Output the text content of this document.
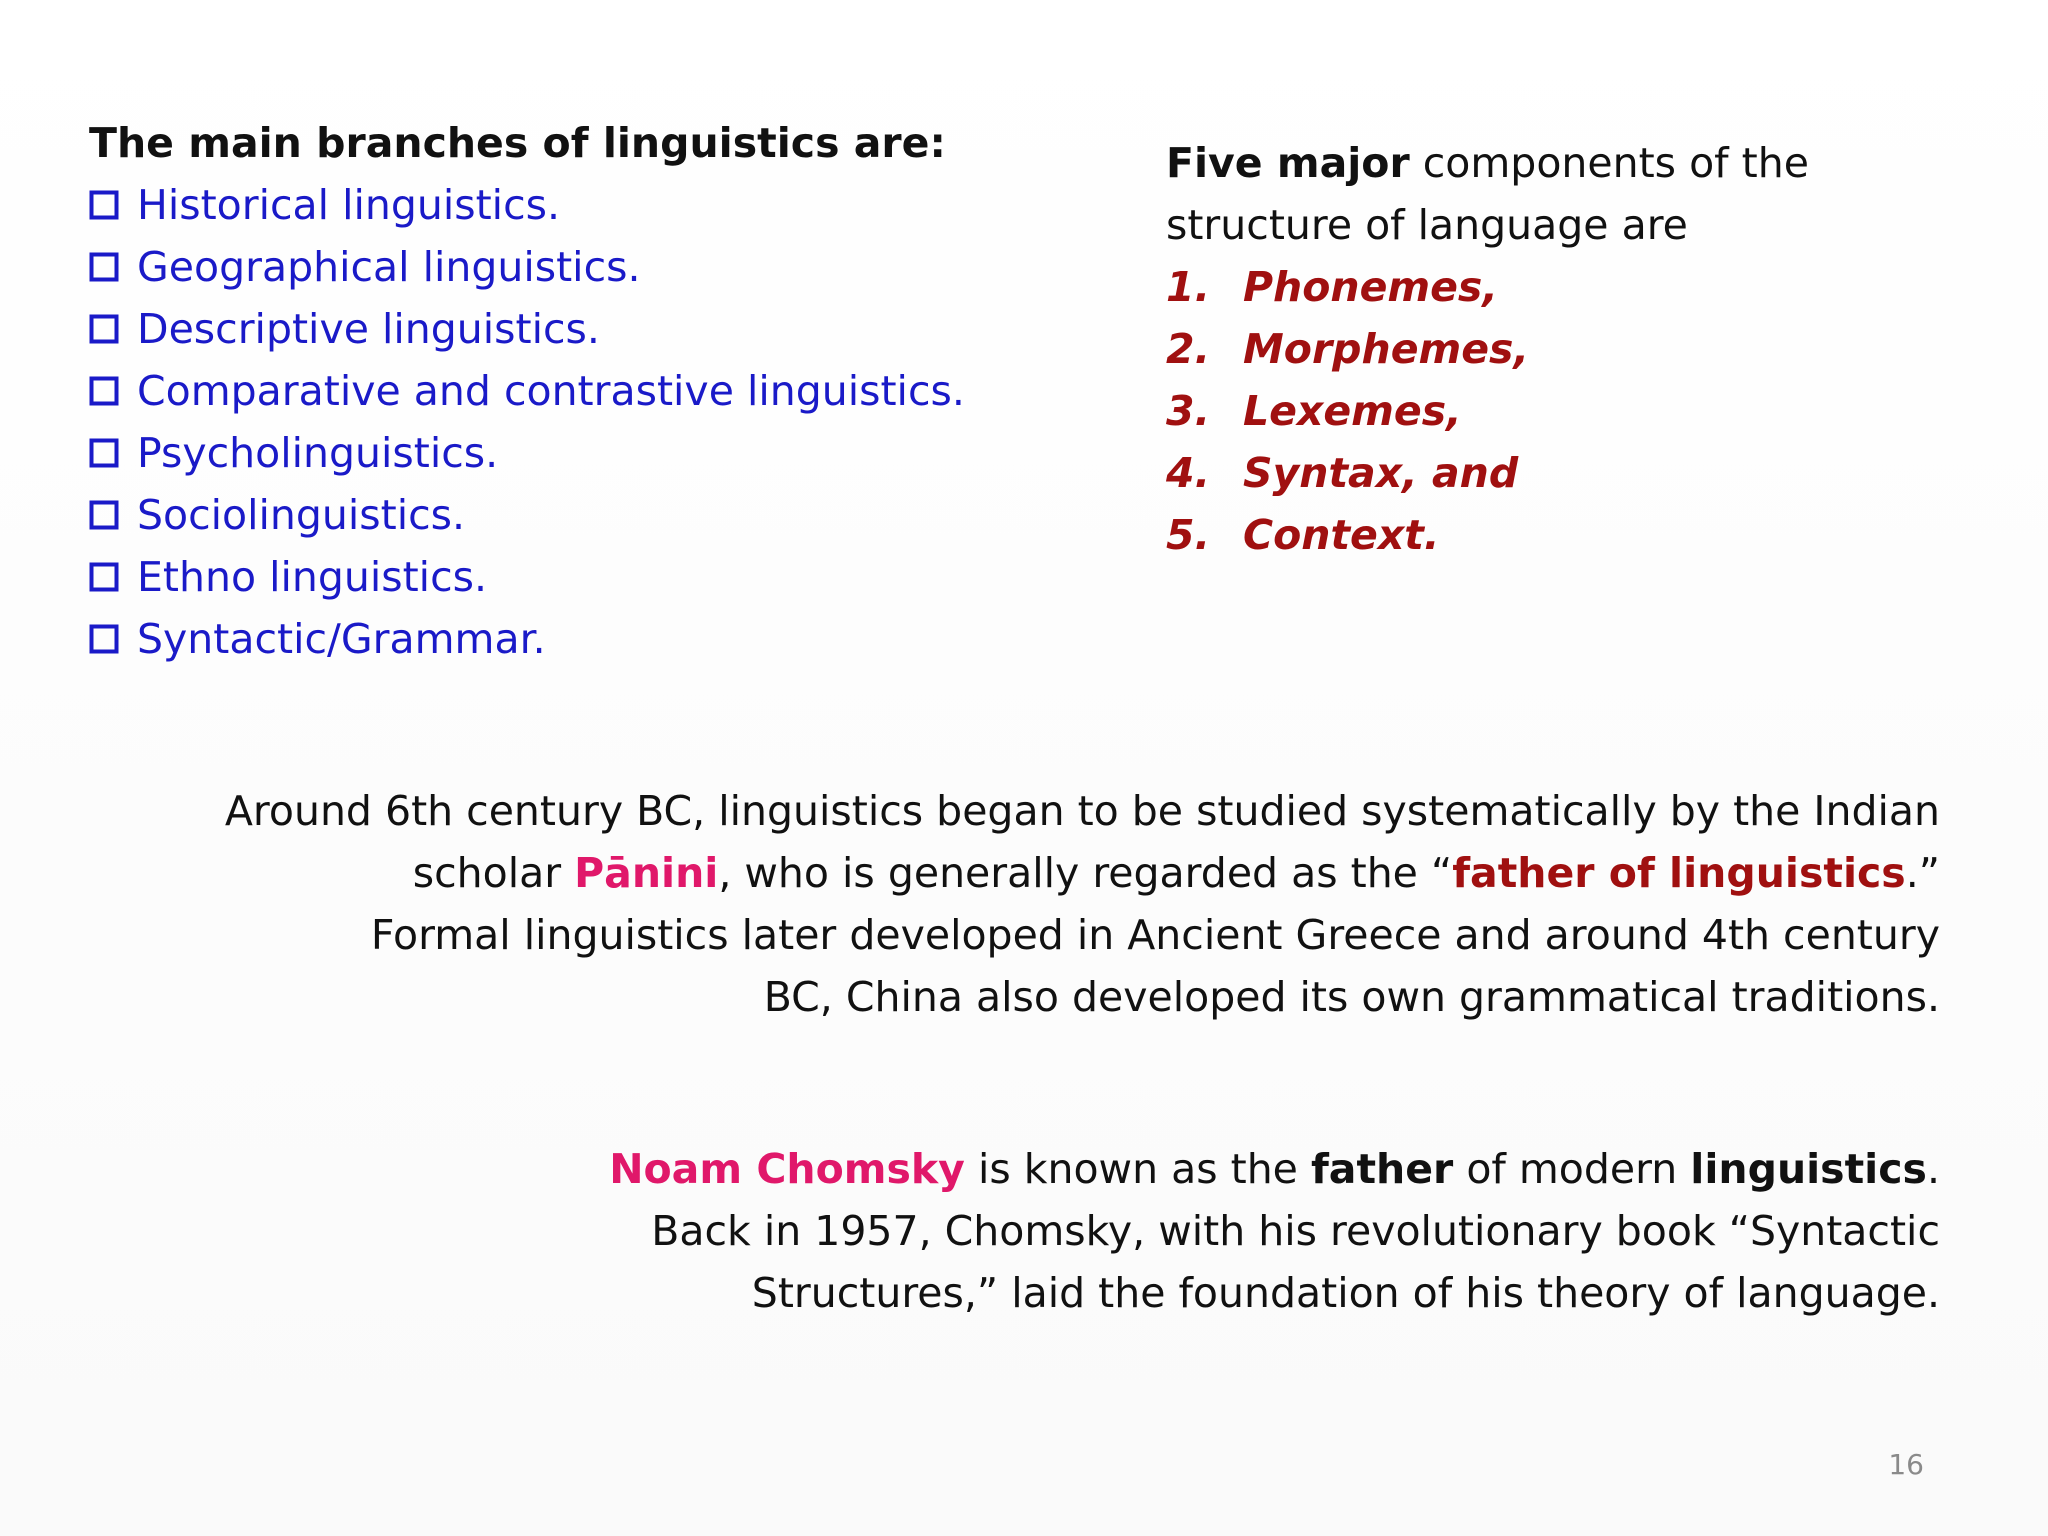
The main branches of linguistics are:

Historical linguistics.
Geographical linguistics.
Descriptive linguistics.
Comparative and contrastive linguistics.
Psycholinguistics.
Sociolinguistics.
Ethno linguistics.
Syntactic/Grammar.

Five major components of the
structure of language are

1. Phonemes,
2. Morphemes,
3. Lexemes,
4. Syntax, and
5. Context.

Around 6th century BC, linguistics began to be studied systematically by the Indian
scholar Pānini, who is generally regarded as the “father of linguistics.”
Formal linguistics later developed in Ancient Greece and around 4th century
BC, China also developed its own grammatical traditions.

Noam Chomsky is known as the father of modern linguistics.
Back in 1957, Chomsky, with his revolutionary book “Syntactic
Structures,” laid the foundation of his theory of language.

16
